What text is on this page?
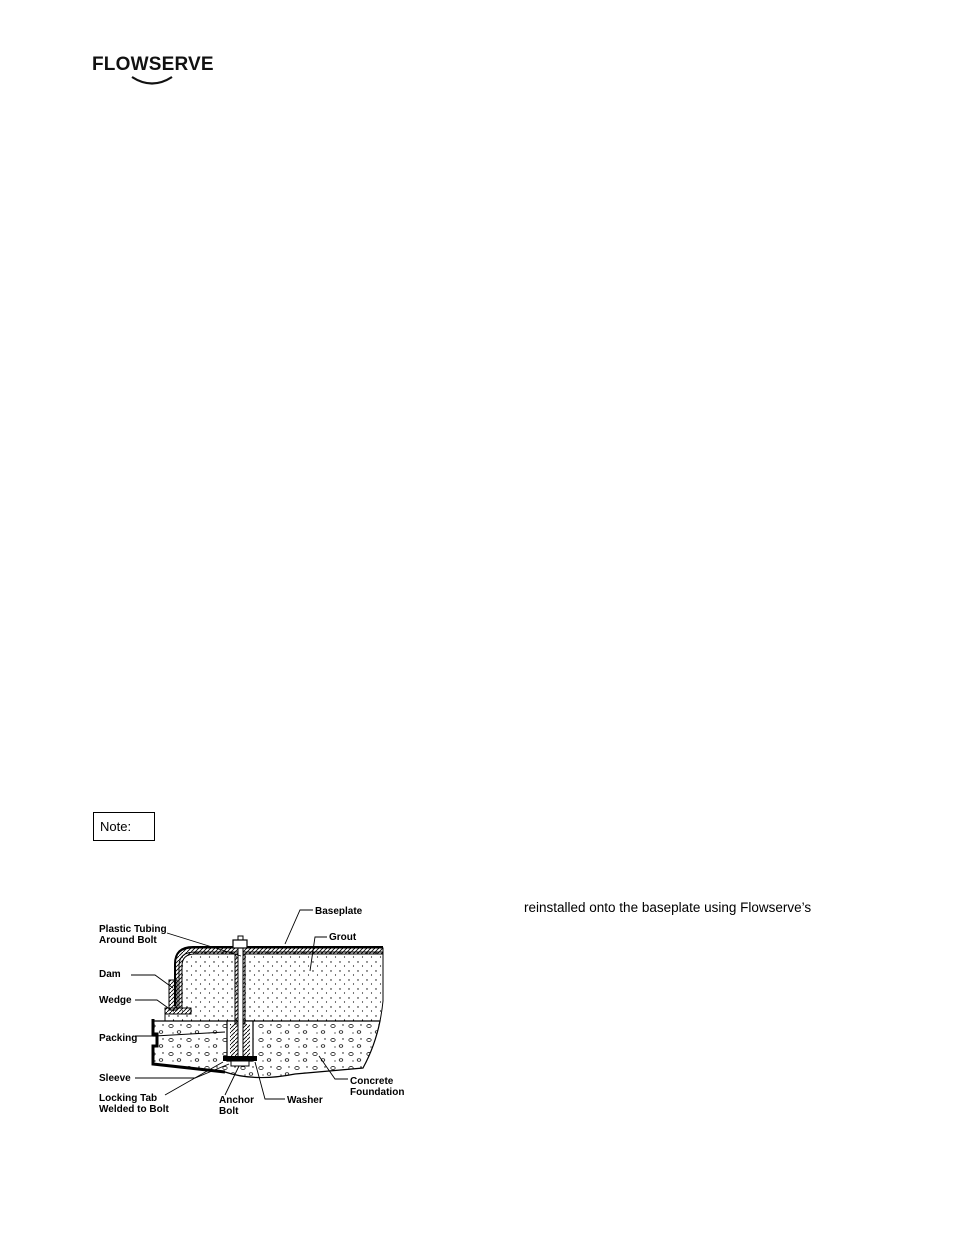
FLOWSERVE
Note:
reinstalled onto the baseplate using Flowserve’s
Baseplate
Grout
Plastic Tubing
Around Bolt
Dam
Wedge
Packing
Sleeve
Locking Tab
Welded to Bolt
Anchor
Bolt
Washer
Concrete
Foundation
